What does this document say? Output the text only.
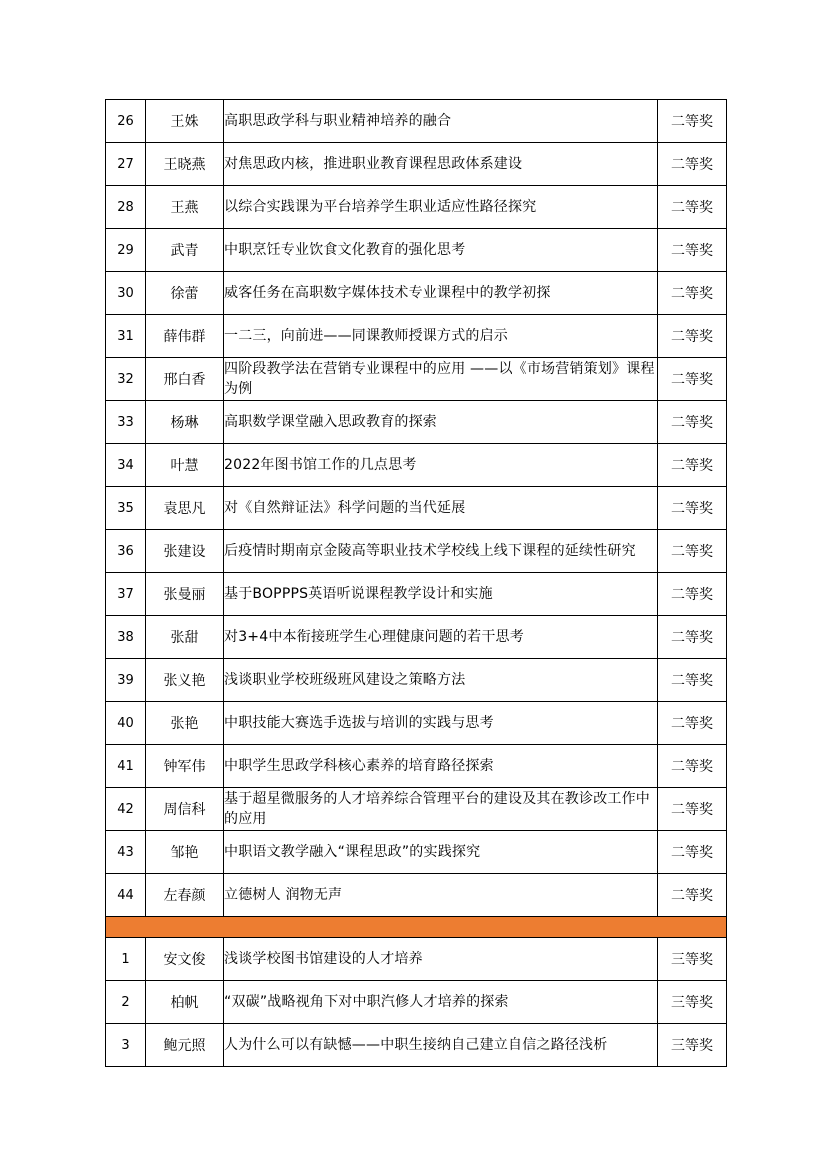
26	王姝	高职思政学科与职业精神培养的融合	二等奖
27	王晓燕	对焦思政内核，推进职业教育课程思政体系建设	二等奖
28	王燕	以综合实践课为平台培养学生职业适应性路径探究	二等奖
29	武青	中职烹饪专业饮食文化教育的强化思考	二等奖
30	徐蕾	威客任务在高职数字媒体技术专业课程中的教学初探	二等奖
31	薛伟群	一二三，向前进——同课教师授课方式的启示	二等奖
32	邢白香	四阶段教学法在营销专业课程中的应用 ——以《市场营销策划》课程为例	二等奖
33	杨琳	高职数学课堂融入思政教育的探索	二等奖
34	叶慧	2022年图书馆工作的几点思考	二等奖
35	袁思凡	对《自然辩证法》科学问题的当代延展	二等奖
36	张建设	后疫情时期南京金陵高等职业技术学校线上线下课程的延续性研究	二等奖
37	张曼丽	基于BOPPPS英语听说课程教学设计和实施	二等奖
38	张甜	对3+4中本衔接班学生心理健康问题的若干思考	二等奖
39	张义艳	浅谈职业学校班级班风建设之策略方法	二等奖
40	张艳	中职技能大赛选手选拔与培训的实践与思考	二等奖
41	钟军伟	中职学生思政学科核心素养的培育路径探索	二等奖
42	周信科	基于超星微服务的人才培养综合管理平台的建设及其在教诊改工作中的应用	二等奖
43	邹艳	中职语文教学融入“课程思政”的实践探究	二等奖
44	左春颜	立德树人 润物无声	二等奖

1	安文俊	浅谈学校图书馆建设的人才培养	三等奖
2	柏帆	“双碳”战略视角下对中职汽修人才培养的探索	三等奖
3	鲍元照	人为什么可以有缺憾——中职生接纳自己建立自信之路径浅析	三等奖
